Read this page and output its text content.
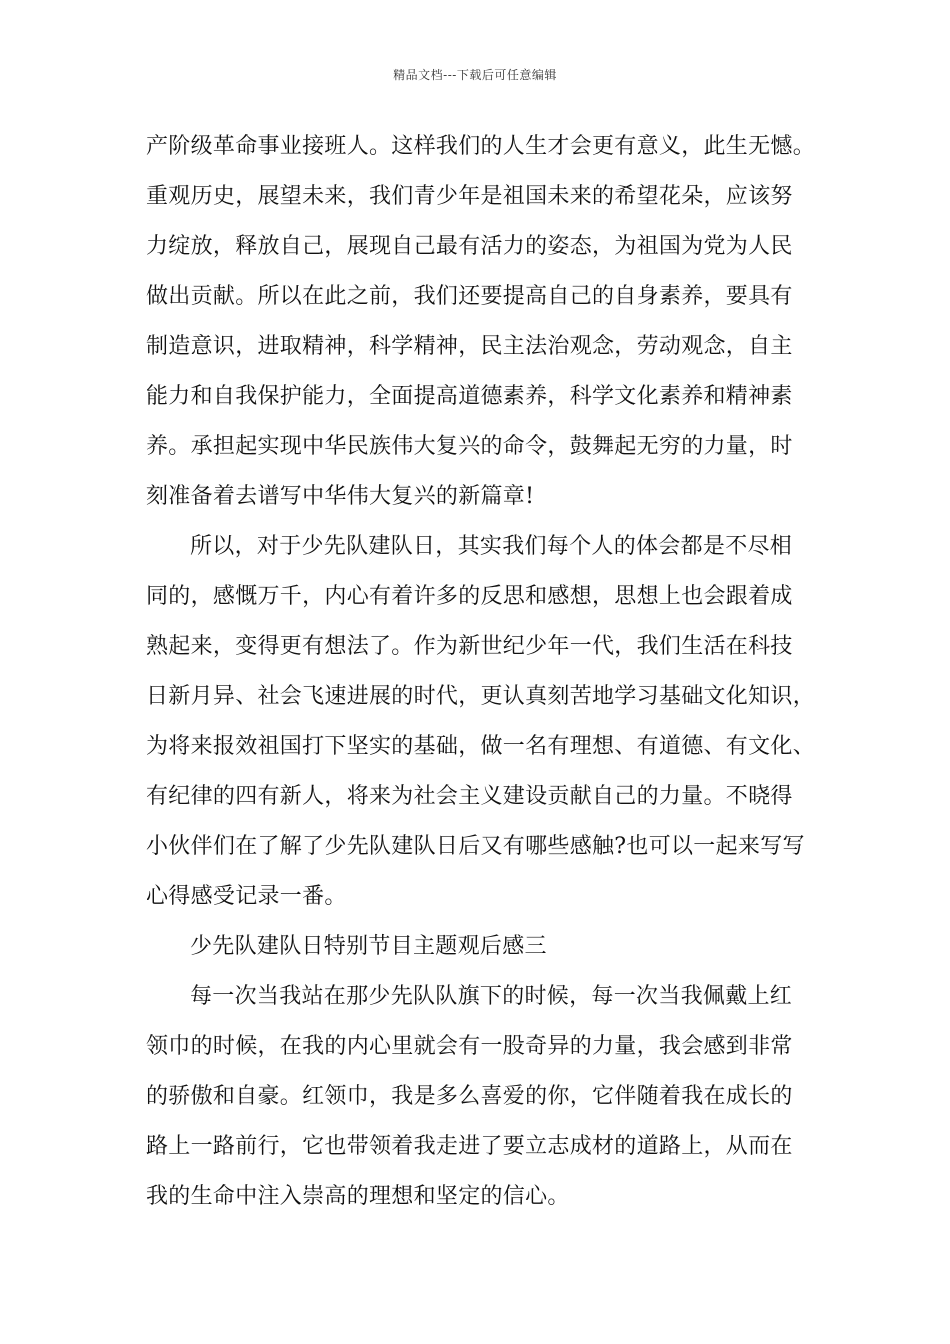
精品文档---下载后可任意编辑
产阶级革命事业接班人。这样我们的人生才会更有意义，此生无憾。
重观历史，展望未来，我们青少年是祖国未来的希望花朵，应该努
力绽放，释放自己，展现自己最有活力的姿态，为祖国为党为人民
做出贡献。所以在此之前，我们还要提高自己的自身素养，要具有
制造意识，进取精神，科学精神，民主法治观念，劳动观念，自主
能力和自我保护能力，全面提高道德素养，科学文化素养和精神素
养。承担起实现中华民族伟大复兴的命令，鼓舞起无穷的力量，时
刻准备着去谱写中华伟大复兴的新篇章!
所以，对于少先队建队日，其实我们每个人的体会都是不尽相
同的，感慨万千，内心有着许多的反思和感想，思想上也会跟着成
熟起来，变得更有想法了。作为新世纪少年一代，我们生活在科技
日新月异、社会飞速进展的时代，更认真刻苦地学习基础文化知识，
为将来报效祖国打下坚实的基础，做一名有理想、有道德、有文化、
有纪律的四有新人，将来为社会主义建设贡献自己的力量。不晓得
小伙伴们在了解了少先队建队日后又有哪些感触?也可以一起来写写
心得感受记录一番。
少先队建队日特别节目主题观后感三
每一次当我站在那少先队队旗下的时候，每一次当我佩戴上红
领巾的时候，在我的内心里就会有一股奇异的力量，我会感到非常
的骄傲和自豪。红领巾，我是多么喜爱的你，它伴随着我在成长的
路上一路前行，它也带领着我走进了要立志成材的道路上，从而在
我的生命中注入崇高的理想和坚定的信心。
